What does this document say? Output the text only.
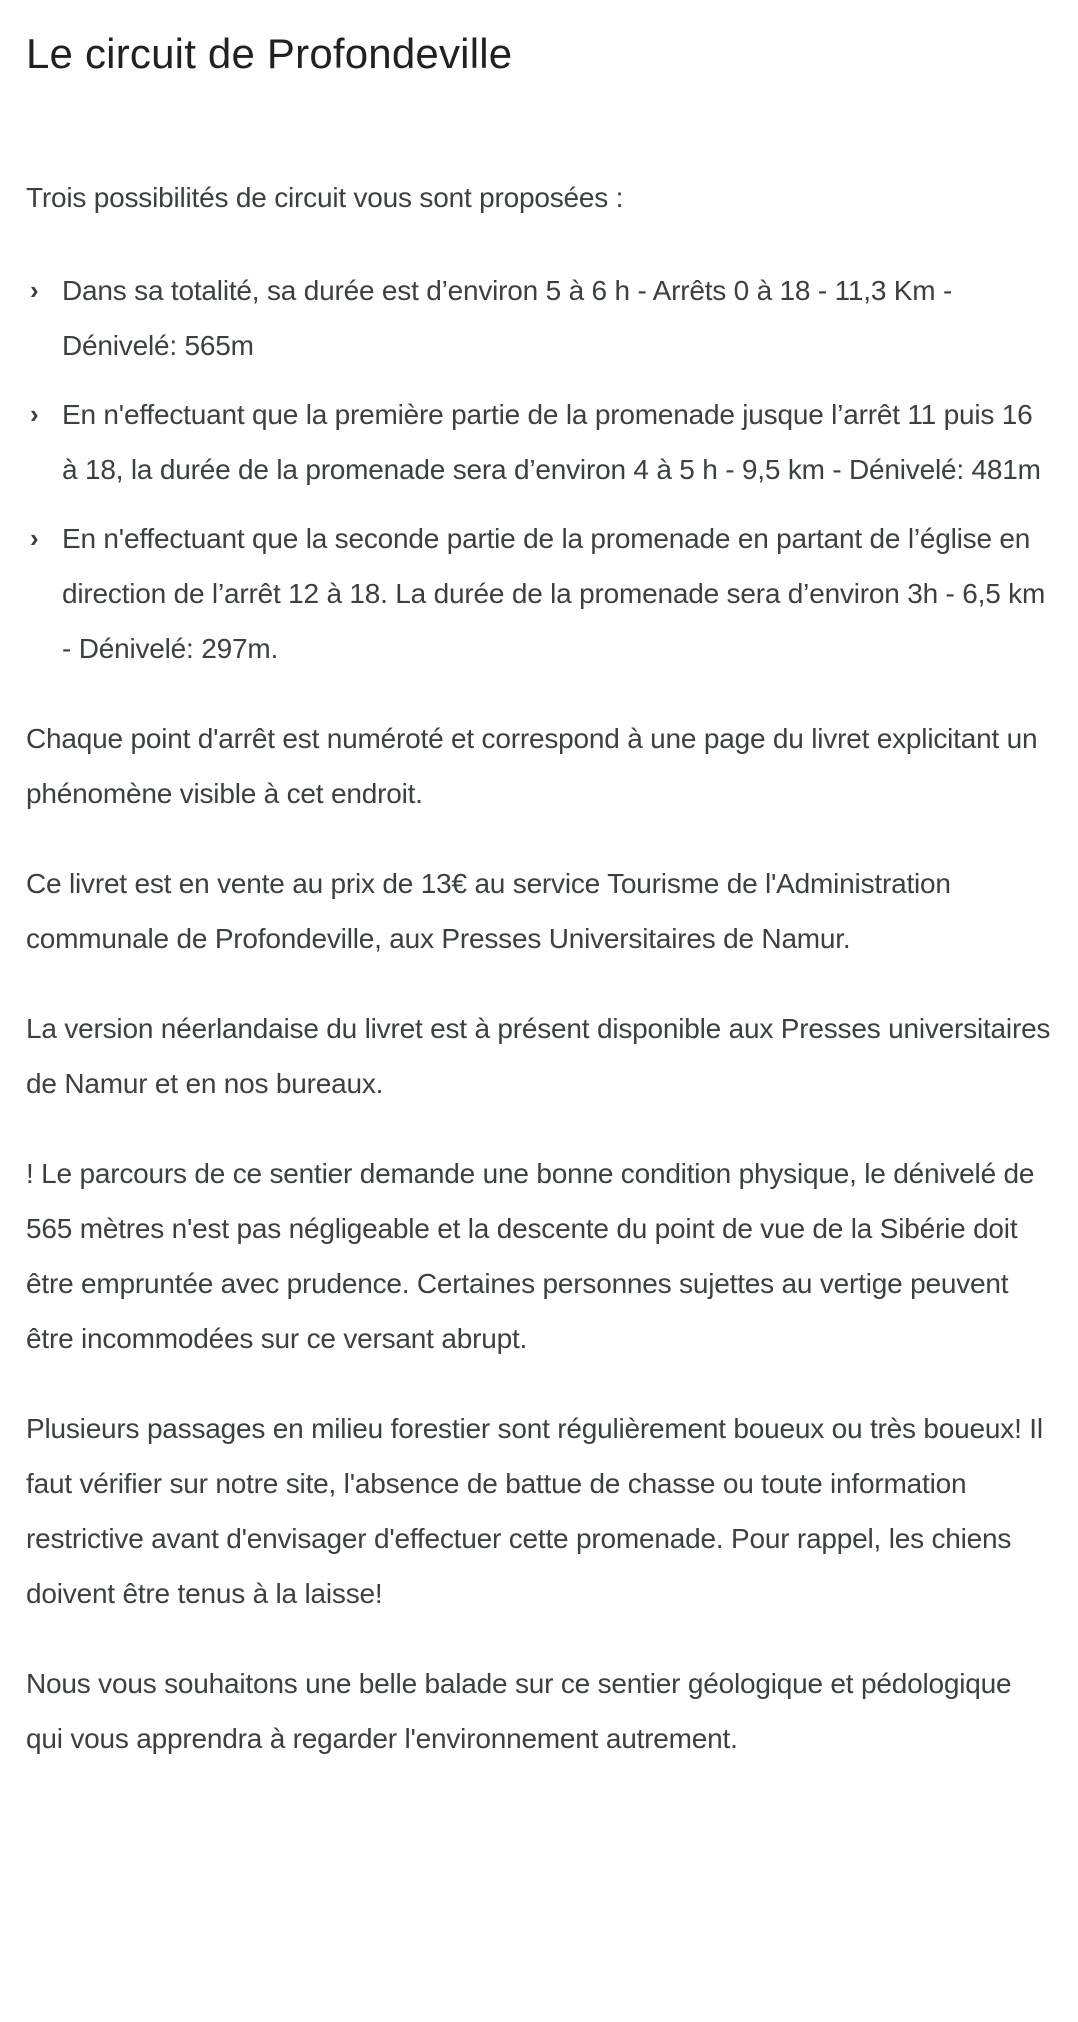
Le circuit de Profondeville

Trois possibilités de circuit vous sont proposées :

› Dans sa totalité, sa durée est d’environ 5 à 6 h - Arrêts 0 à 18 - 11,3 Km - Dénivelé: 565m
› En n'effectuant que la première partie de la promenade jusque l’arrêt 11 puis 16 à 18, la durée de la promenade sera d’environ 4 à 5 h - 9,5 km - Dénivelé: 481m
› En n'effectuant que la seconde partie de la promenade en partant de l’église en direction de l’arrêt 12 à 18. La durée de la promenade sera d’environ 3h - 6,5 km - Dénivelé: 297m.

Chaque point d'arrêt est numéroté et correspond à une page du livret explicitant un phénomène visible à cet endroit.

Ce livret est en vente au prix de 13€ au service Tourisme de l'Administration communale de Profondeville, aux Presses Universitaires de Namur.

La version néerlandaise du livret est à présent disponible aux Presses universitaires de Namur et en nos bureaux.

! Le parcours de ce sentier demande une bonne condition physique, le dénivelé de 565 mètres n'est pas négligeable et la descente du point de vue de la Sibérie doit être empruntée avec prudence. Certaines personnes sujettes au vertige peuvent être incommodées sur ce versant abrupt.

Plusieurs passages en milieu forestier sont régulièrement boueux ou très boueux! Il faut vérifier sur notre site, l'absence de battue de chasse ou toute information restrictive avant d'envisager d'effectuer cette promenade. Pour rappel, les chiens doivent être tenus à la laisse!

Nous vous souhaitons une belle balade sur ce sentier géologique et pédologique qui vous apprendra à regarder l'environnement autrement.
